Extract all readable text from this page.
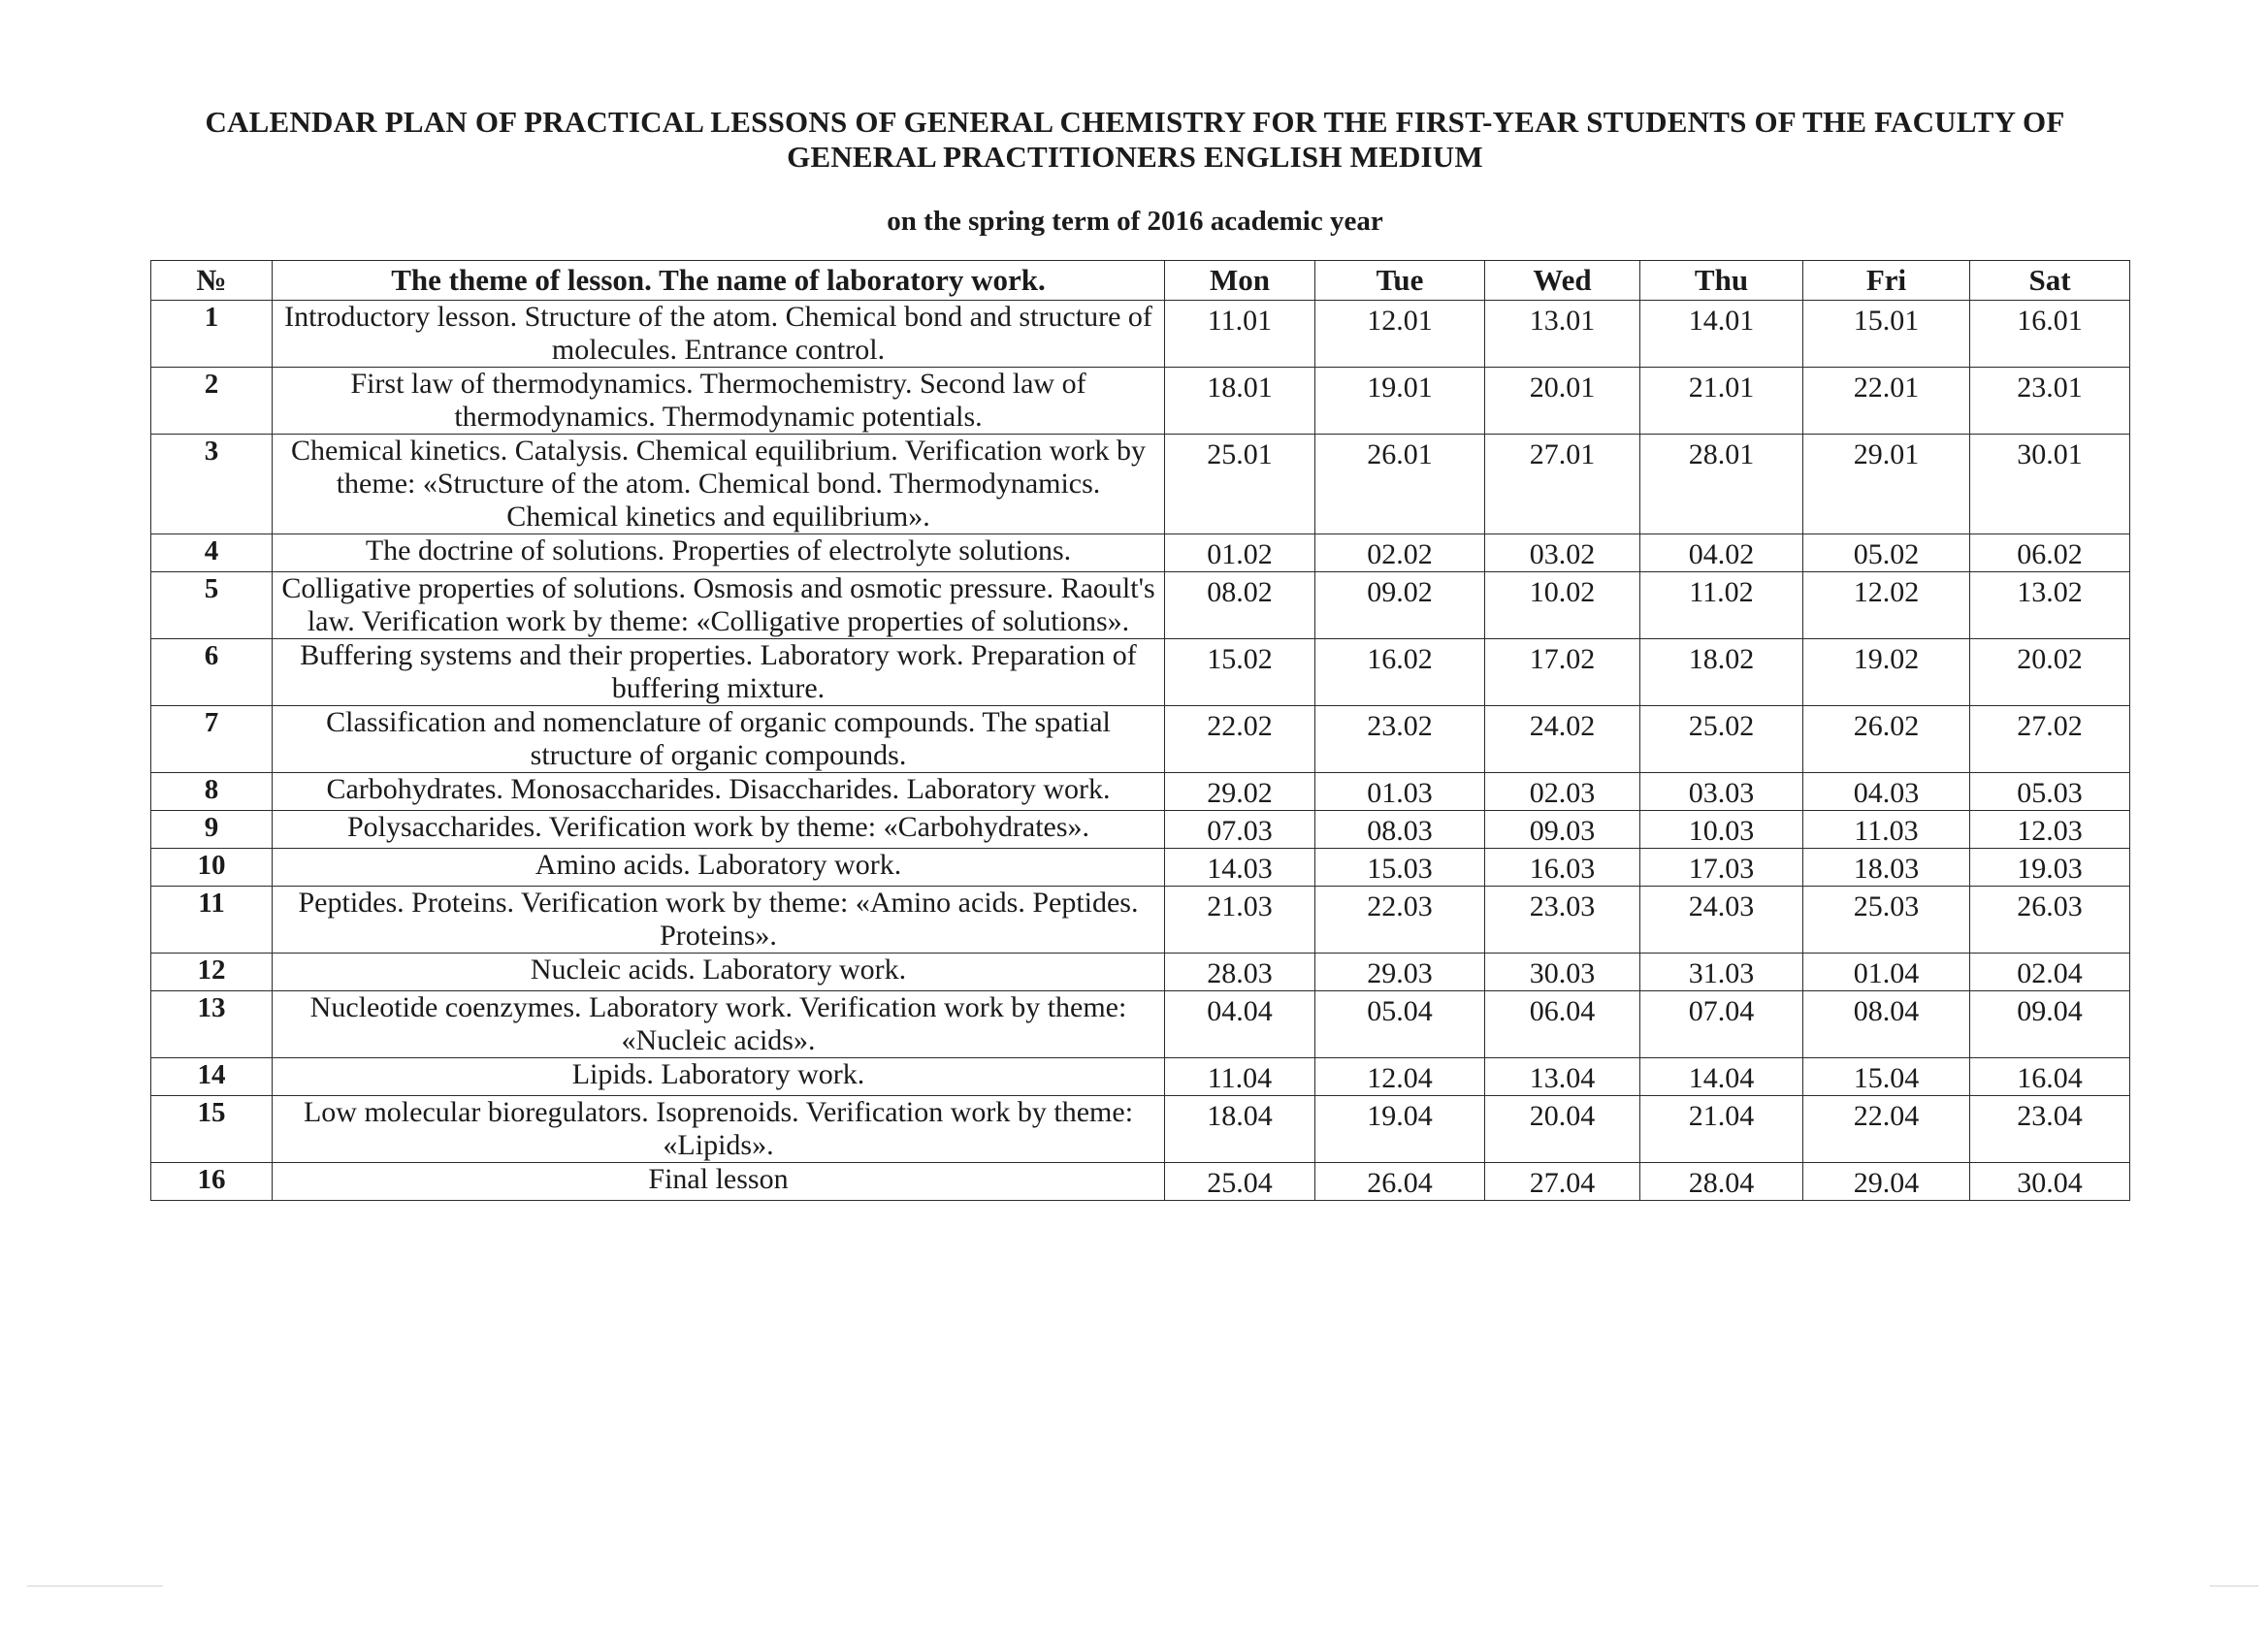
CALENDAR PLAN OF PRACTICAL LESSONS OF GENERAL CHEMISTRY FOR THE FIRST-YEAR STUDENTS OF THE FACULTY OF GENERAL PRACTITIONERS ENGLISH MEDIUM
on the spring term of 2016 academic year
№	The theme of lesson. The name of laboratory work.	Mon	Tue	Wed	Thu	Fri	Sat
1	Introductory lesson. Structure of the atom. Chemical bond and structure of molecules. Entrance control.	11.01	12.01	13.01	14.01	15.01	16.01
2	First law of thermodynamics. Thermochemistry. Second law of thermodynamics. Thermodynamic potentials.	18.01	19.01	20.01	21.01	22.01	23.01
3	Chemical kinetics. Catalysis. Chemical equilibrium. Verification work by theme: «Structure of the atom. Chemical bond. Thermodynamics. Chemical kinetics and equilibrium».	25.01	26.01	27.01	28.01	29.01	30.01
4	The doctrine of solutions. Properties of electrolyte solutions.	01.02	02.02	03.02	04.02	05.02	06.02
5	Colligative properties of solutions. Osmosis and osmotic pressure. Raoult's law. Verification work by theme: «Colligative properties of solutions».	08.02	09.02	10.02	11.02	12.02	13.02
6	Buffering systems and their properties. Laboratory work. Preparation of buffering mixture.	15.02	16.02	17.02	18.02	19.02	20.02
7	Classification and nomenclature of organic compounds. The spatial structure of organic compounds.	22.02	23.02	24.02	25.02	26.02	27.02
8	Carbohydrates. Monosaccharides. Disaccharides. Laboratory work.	29.02	01.03	02.03	03.03	04.03	05.03
9	Polysaccharides. Verification work by theme: «Carbohydrates».	07.03	08.03	09.03	10.03	11.03	12.03
10	Amino acids. Laboratory work.	14.03	15.03	16.03	17.03	18.03	19.03
11	Peptides. Proteins. Verification work by theme: «Amino acids. Peptides. Proteins».	21.03	22.03	23.03	24.03	25.03	26.03
12	Nucleic acids. Laboratory work.	28.03	29.03	30.03	31.03	01.04	02.04
13	Nucleotide coenzymes. Laboratory work. Verification work by theme: «Nucleic acids».	04.04	05.04	06.04	07.04	08.04	09.04
14	Lipids. Laboratory work.	11.04	12.04	13.04	14.04	15.04	16.04
15	Low molecular bioregulators. Isoprenoids. Verification work by theme: «Lipids».	18.04	19.04	20.04	21.04	22.04	23.04
16	Final lesson	25.04	26.04	27.04	28.04	29.04	30.04
